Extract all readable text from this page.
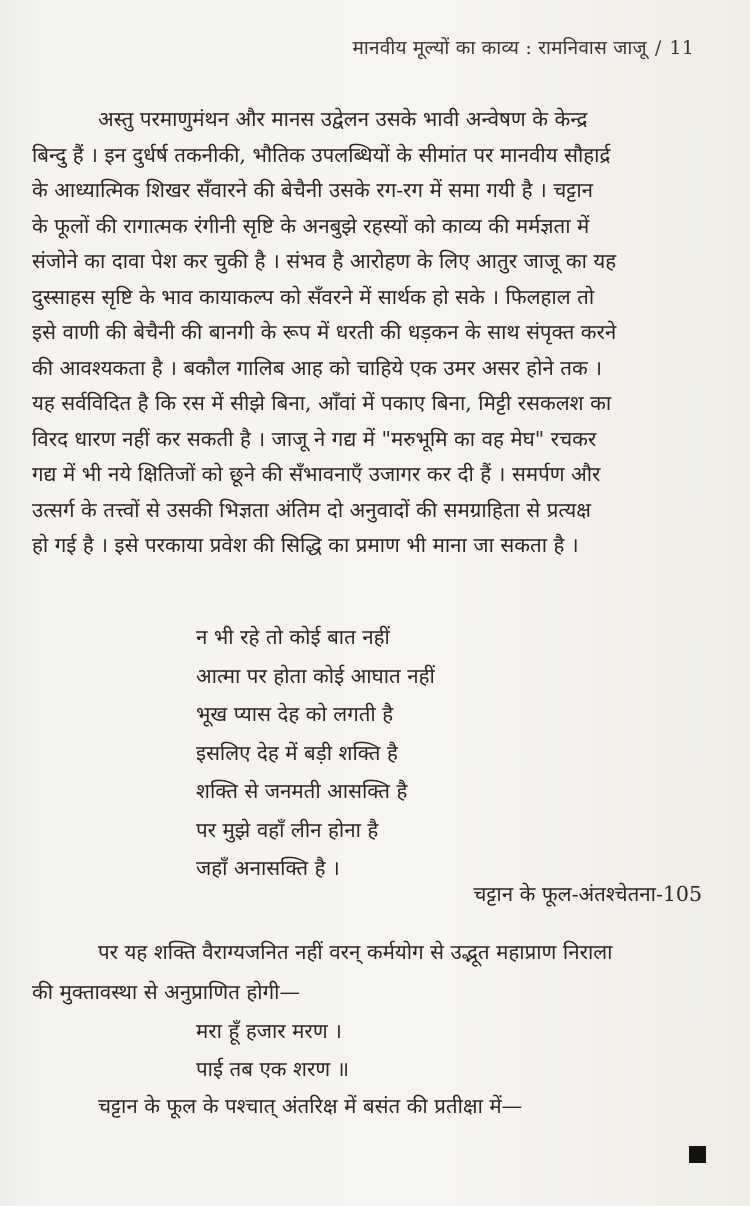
मानवीय मूल्यों का काव्य : रामनिवास जाजू / 11
अस्तु परमाणुमंथन और मानस उद्वेलन उसके भावी अन्वेषण के केन्द्र
बिन्दु हैं । इन दुर्धर्ष तकनीकी, भौतिक उपलब्धियों के सीमांत पर मानवीय सौहार्द्र
के आध्यात्मिक शिखर सँवारने की बेचैनी उसके रग-रग में समा गयी है । चट्टान
के फूलों की रागात्मक रंगीनी सृष्टि के अनबुझे रहस्यों को काव्य की मर्मज्ञता में
संजोने का दावा पेश कर चुकी है । संभव है आरोहण के लिए आतुर जाजू का यह
दुस्साहस सृष्टि के भाव कायाकल्प को सँवरने में सार्थक हो सके । फिलहाल तो
इसे वाणी की बेचैनी की बानगी के रूप में धरती की धड़कन के साथ संपृक्त करने
की आवश्यकता है । बकौल गालिब आह को चाहिये एक उमर असर होने तक ।
यह सर्वविदित है कि रस में सीझे बिना, आँवां में पकाए बिना, मिट्टी रसकलश का
विरद धारण नहीं कर सकती है । जाजू ने गद्य में "मरुभूमि का वह मेघ" रचकर
गद्य में भी नये क्षितिजों को छूने की सँभावनाएँ उजागर कर दी हैं । समर्पण और
उत्सर्ग के तत्त्वों से उसकी भिज्ञता अंतिम दो अनुवादों की समग्राहिता से प्रत्यक्ष
हो गई है । इसे परकाया प्रवेश की सिद्धि का प्रमाण भी माना जा सकता है ।
न भी रहे तो कोई बात नहीं
आत्मा पर होता कोई आघात नहीं
भूख प्यास देह को लगती है
इसलिए देह में बड़ी शक्ति है
शक्ति से जनमती आसक्ति है
पर मुझे वहाँ लीन होना है
जहाँ अनासक्ति है ।
चट्टान के फूल-अंतश्चेतना-105
पर यह शक्ति वैराग्यजनित नहीं वरन् कर्मयोग से उद्भूत महाप्राण निराला
की मुक्तावस्था से अनुप्राणित होगी—
मरा हूँ हजार मरण ।
पाई तब एक शरण ॥
चट्टान के फूल के पश्चात् अंतरिक्ष में बसंत की प्रतीक्षा में—
